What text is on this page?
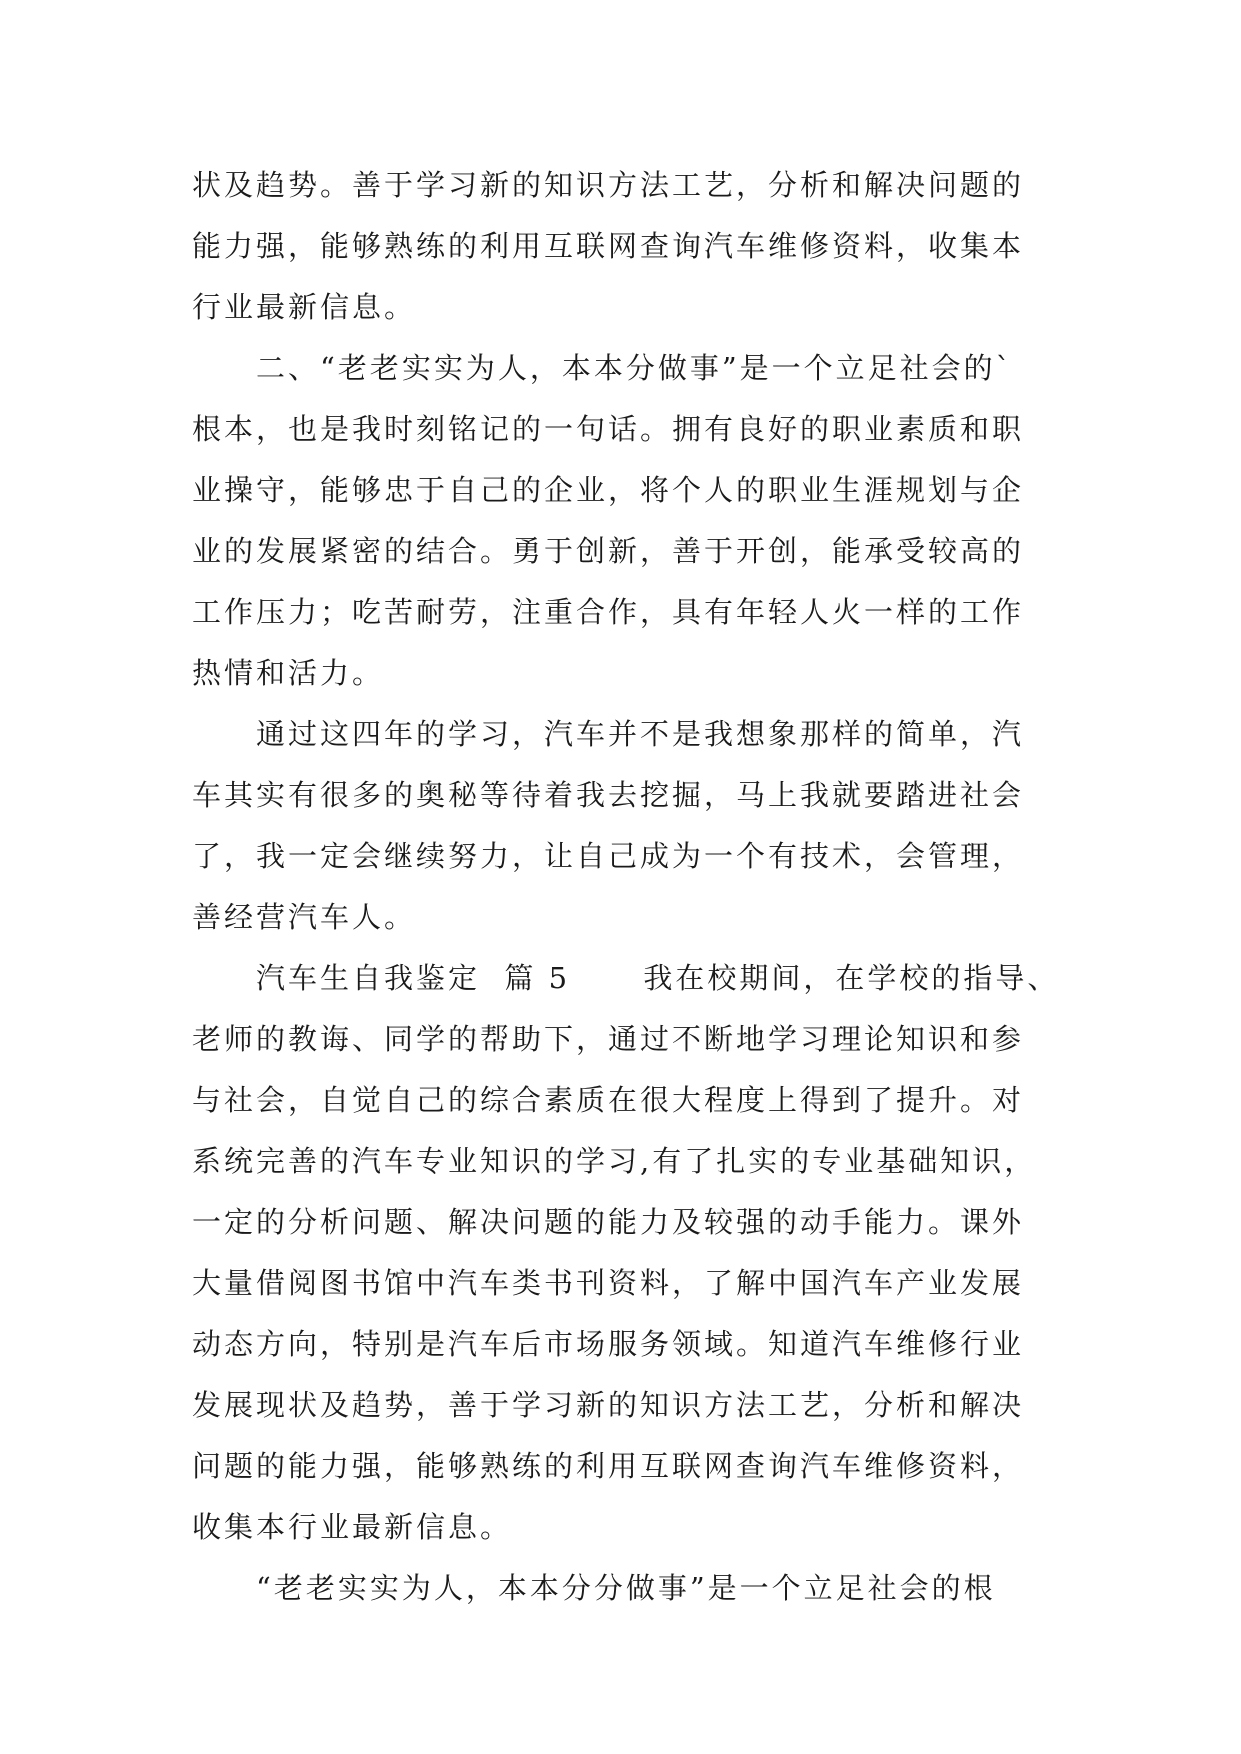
状及趋势。善于学习新的知识方法工艺，分析和解决问题的
能力强，能够熟练的利用互联网查询汽车维修资料，收集本
行业最新信息。
　　二、“老老实实为人，本本分做事”是一个立足社会的`
根本，也是我时刻铭记的一句话。拥有良好的职业素质和职
业操守，能够忠于自己的企业，将个人的职业生涯规划与企
业的发展紧密的结合。勇于创新，善于开创，能承受较高的
工作压力；吃苦耐劳，注重合作，具有年轻人火一样的工作
热情和活力。
　　通过这四年的学习，汽车并不是我想象那样的简单，汽
车其实有很多的奥秘等待着我去挖掘，马上我就要踏进社会
了，我一定会继续努力，让自己成为一个有技术，会管理，
善经营汽车人。
　　汽车生自我鉴定  篇 5      我在校期间，在学校的指导、
老师的教诲、同学的帮助下，通过不断地学习理论知识和参
与社会，自觉自己的综合素质在很大程度上得到了提升。对
系统完善的汽车专业知识的学习,有了扎实的专业基础知识，
一定的分析问题、解决问题的能力及较强的动手能力。课外
大量借阅图书馆中汽车类书刊资料，了解中国汽车产业发展
动态方向，特别是汽车后市场服务领域。知道汽车维修行业
发展现状及趋势，善于学习新的知识方法工艺，分析和解决
问题的能力强，能够熟练的利用互联网查询汽车维修资料，
收集本行业最新信息。
　　“老老实实为人，本本分分做事”是一个立足社会的根
